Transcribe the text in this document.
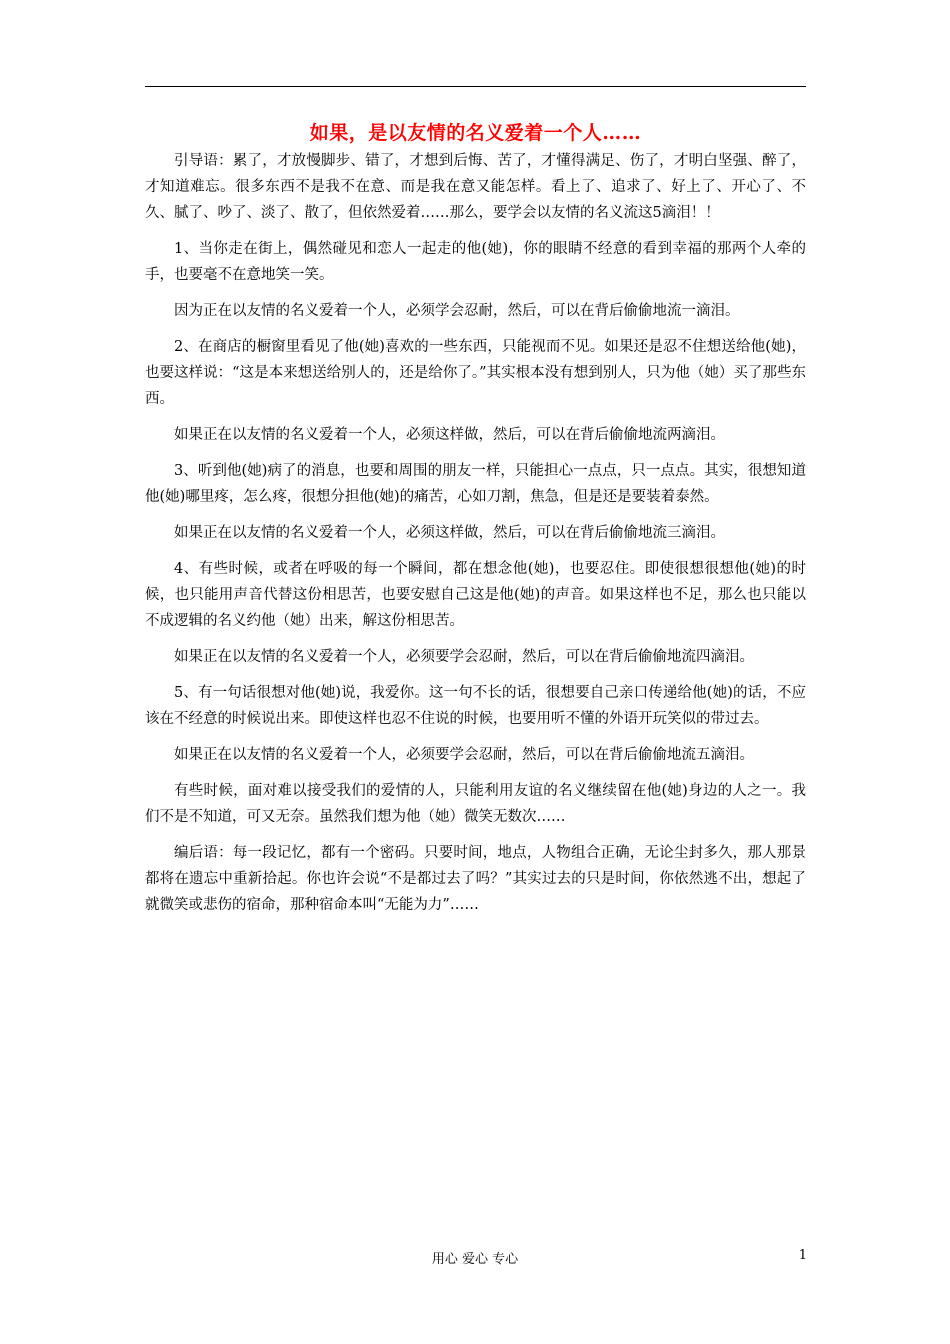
如果，是以友情的名义爱着一个人……

引导语：累了，才放慢脚步、错了，才想到后悔、苦了，才懂得满足、伤了，才明白坚强、醉了，才知道难忘。很多东西不是我不在意、而是我在意又能怎样。看上了、追求了、好上了、开心了、不久、腻了、吵了、淡了、散了，但依然爱着……那么，要学会以友情的名义流这5滴泪！！

1、当你走在街上，偶然碰见和恋人一起走的他(她)，你的眼睛不经意的看到幸福的那两个人牵的手，也要毫不在意地笑一笑。

因为正在以友情的名义爱着一个人，必须学会忍耐，然后，可以在背后偷偷地流一滴泪。

2、在商店的橱窗里看见了他(她)喜欢的一些东西，只能视而不见。如果还是忍不住想送给他(她)，也要这样说：“这是本来想送给别人的，还是给你了。”其实根本没有想到别人，只为他（她）买了那些东西。

如果正在以友情的名义爱着一个人，必须这样做，然后，可以在背后偷偷地流两滴泪。

3、听到他(她)病了的消息，也要和周围的朋友一样，只能担心一点点，只一点点。其实，很想知道他(她)哪里疼，怎么疼，很想分担他(她)的痛苦，心如刀割，焦急，但是还是要装着泰然。

如果正在以友情的名义爱着一个人，必须这样做，然后，可以在背后偷偷地流三滴泪。

4、有些时候，或者在呼吸的每一个瞬间，都在想念他(她)，也要忍住。即使很想很想他(她)的时候，也只能用声音代替这份相思苦，也要安慰自己这是他(她)的声音。如果这样也不足，那么也只能以不成逻辑的名义约他（她）出来，解这份相思苦。

如果正在以友情的名义爱着一个人，必须要学会忍耐，然后，可以在背后偷偷地流四滴泪。

5、有一句话很想对他(她)说，我爱你。这一句不长的话，很想要自己亲口传递给他(她)的话，不应该在不经意的时候说出来。即使这样也忍不住说的时候，也要用听不懂的外语开玩笑似的带过去。

如果正在以友情的名义爱着一个人，必须要学会忍耐，然后，可以在背后偷偷地流五滴泪。

有些时候，面对难以接受我们的爱情的人，只能利用友谊的名义继续留在他(她)身边的人之一。我们不是不知道，可又无奈。虽然我们想为他（她）微笑无数次……

编后语：每一段记忆，都有一个密码。只要时间，地点，人物组合正确，无论尘封多久，那人那景都将在遗忘中重新拾起。你也许会说“不是都过去了吗？”其实过去的只是时间，你依然逃不出，想起了就微笑或悲伤的宿命，那种宿命本叫“无能为力”……

用心 爱心 专心	1
